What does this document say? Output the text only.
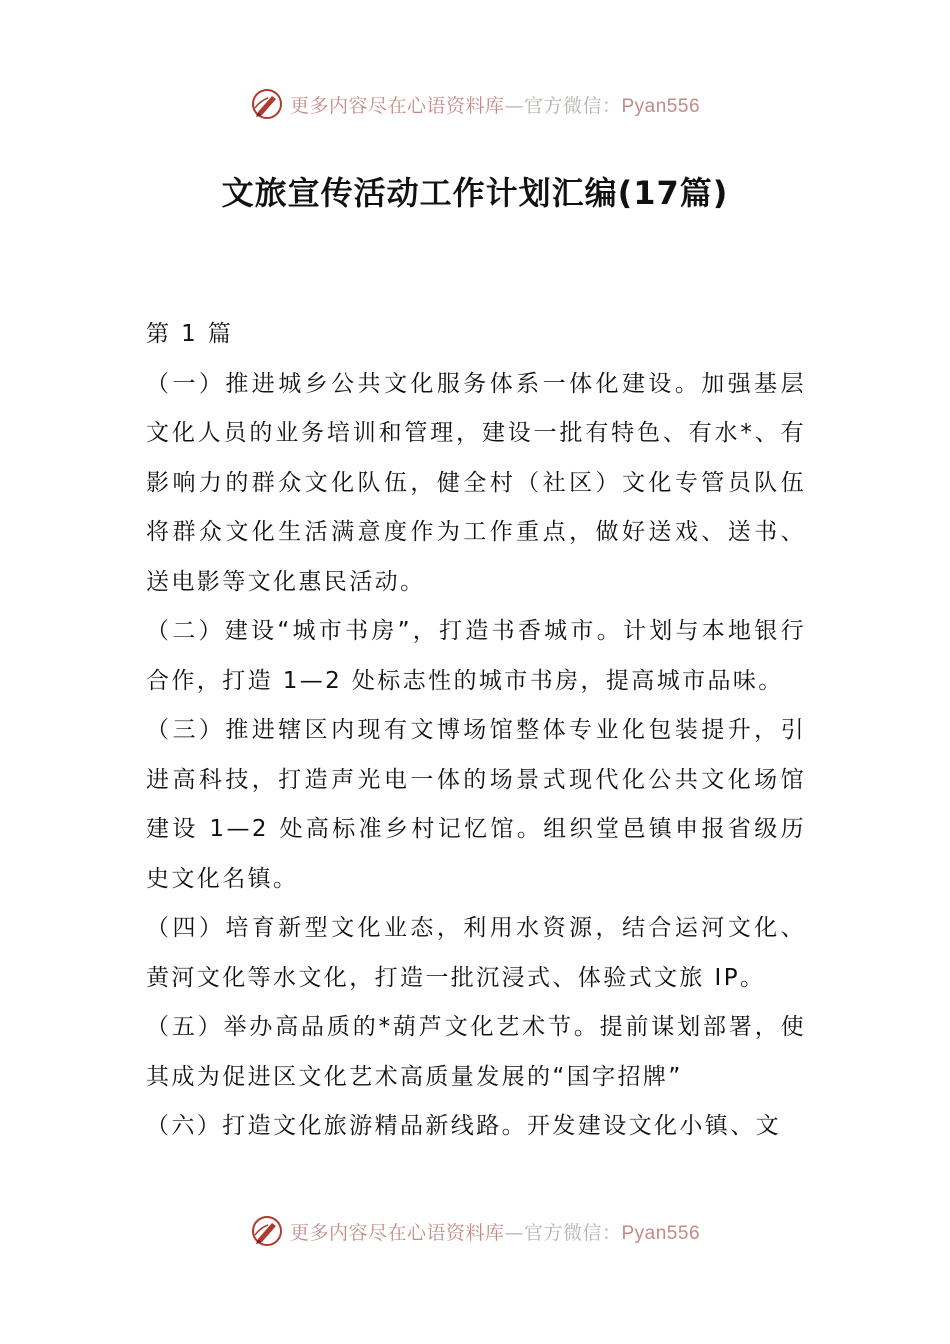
更多内容尽在心语资料库—官方微信：Pyan556
文旅宣传活动工作计划汇编(17篇)

第 1 篇

（一）推进城乡公共文化服务体系一体化建设。加强基层文化人员的业务培训和管理，建设一批有特色、有水*、有影响力的群众文化队伍，健全村（社区）文化专管员队伍将群众文化生活满意度作为工作重点，做好送戏、送书、送电影等文化惠民活动。

（二）建设“城市书房”，打造书香城市。计划与本地银行合作，打造 1—2 处标志性的城市书房，提高城市品味。

（三）推进辖区内现有文博场馆整体专业化包装提升，引进高科技，打造声光电一体的场景式现代化公共文化场馆建设 1—2 处高标准乡村记忆馆。组织堂邑镇申报省级历史文化名镇。

（四）培育新型文化业态，利用水资源，结合运河文化、黄河文化等水文化，打造一批沉浸式、体验式文旅 IP。

（五）举办高品质的*葫芦文化艺术节。提前谋划部署，使其成为促进区文化艺术高质量发展的“国字招牌”

（六）打造文化旅游精品新线路。开发建设文化小镇、文

更多内容尽在心语资料库—官方微信：Pyan556
